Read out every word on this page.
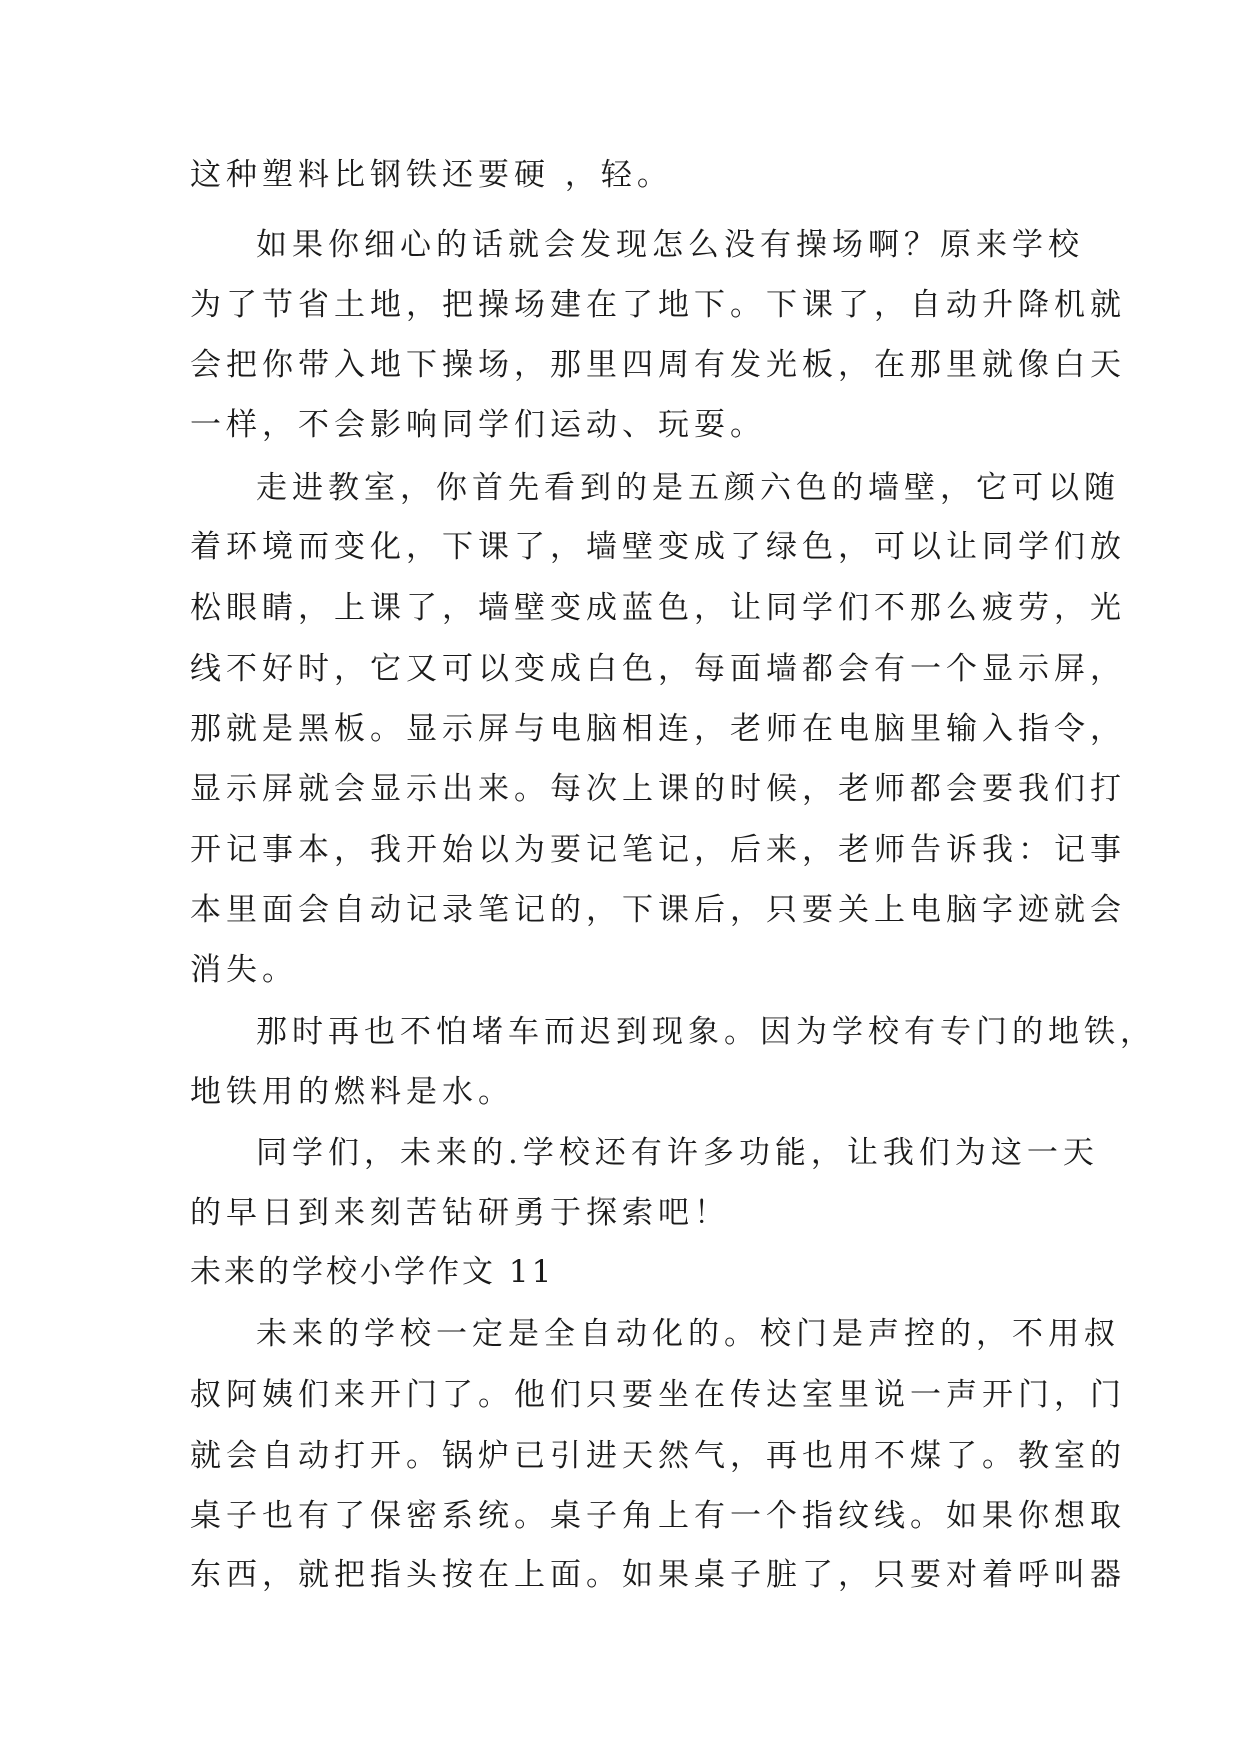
这种塑料比钢铁还要硬 ，轻。
如果你细心的话就会发现怎么没有操场啊？原来学校
为了节省土地，把操场建在了地下。下课了，自动升降机就
会把你带入地下操场，那里四周有发光板，在那里就像白天
一样，不会影响同学们运动、玩耍。
走进教室，你首先看到的是五颜六色的墙壁，它可以随
着环境而变化，下课了，墙壁变成了绿色，可以让同学们放
松眼睛，上课了，墙壁变成蓝色，让同学们不那么疲劳，光
线不好时，它又可以变成白色，每面墙都会有一个显示屏，
那就是黑板。显示屏与电脑相连，老师在电脑里输入指令，
显示屏就会显示出来。每次上课的时候，老师都会要我们打
开记事本，我开始以为要记笔记，后来，老师告诉我：记事
本里面会自动记录笔记的，下课后，只要关上电脑字迹就会
消失。
那时再也不怕堵车而迟到现象。因为学校有专门的地铁，
地铁用的燃料是水。
同学们，未来的.学校还有许多功能，让我们为这一天
的早日到来刻苦钻研勇于探索吧！
未来的学校小学作文 11
未来的学校一定是全自动化的。校门是声控的，不用叔
叔阿姨们来开门了。他们只要坐在传达室里说一声开门，门
就会自动打开。锅炉已引进天然气，再也用不煤了。教室的
桌子也有了保密系统。桌子角上有一个指纹线。如果你想取
东西，就把指头按在上面。如果桌子脏了，只要对着呼叫器
